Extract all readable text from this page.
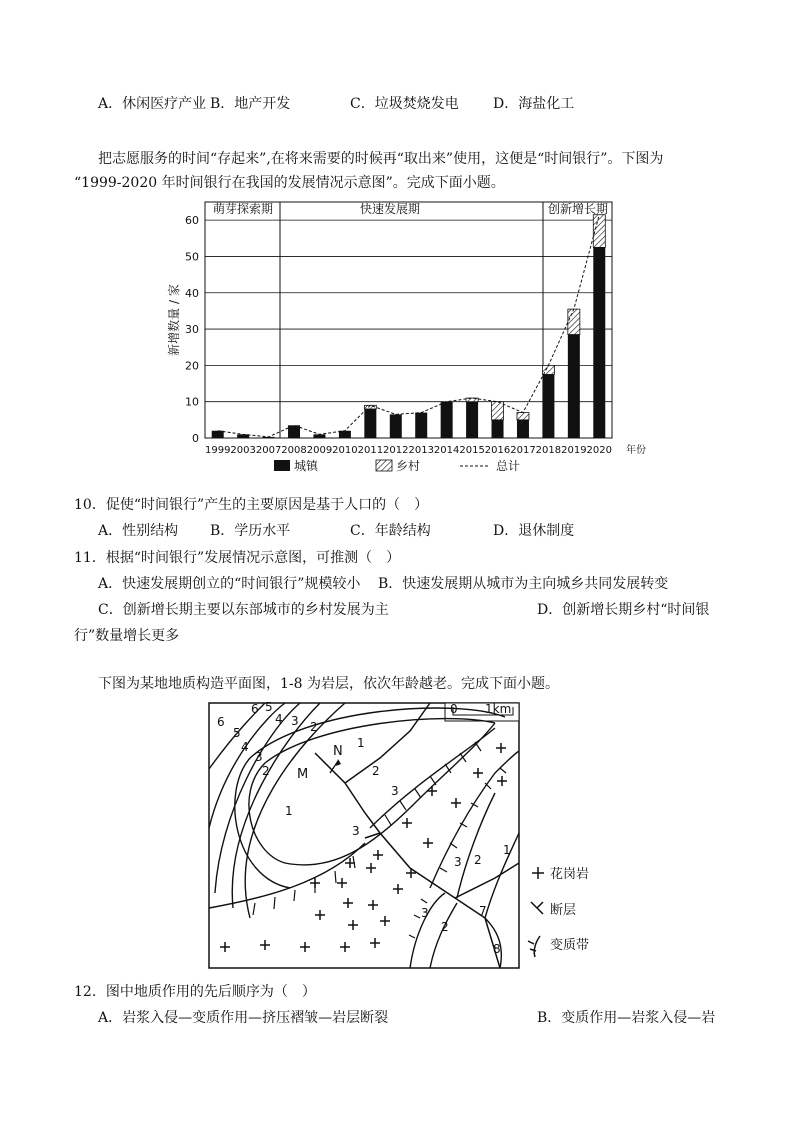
A．休闲医疗产业 B．地产开发	C．垃圾焚烧发电 D．海盐化工
把志愿服务的时间“存起来”,在将来需要的时候再“取出来”使用，这便是“时间银行”。下图为
“1999-2020 年时间银行在我国的发展情况示意图”。完成下面小题。
0
10
20
30
40
50
60
萌芽探索期	快速发展期	创新增长期
新增数量 / 家
1999 2003 2007 2008 2009 2010 2011 2012 2013 2014 2015 2016 2017 2018 2019 2020 年份
城镇	乡村	总计
10．促使“时间银行”产生的主要原因是基于人口的（　）
A．性别结构 B．学历水平	C．年龄结构	D．退休制度
11．根据“时间银行”发展情况示意图，可推测（　）
A．快速发展期创立的“时间银行”规模较小 B．快速发展期从城市为主向城乡共同发展转变
C．创新增长期主要以东部城市的乡村发展为主	D．创新增长期乡村“时间银
行”数量增长更多
下图为某地地质构造平面图，1-8 为岩层，依次年龄越老。完成下面小题。
0 1km
N
M
6 5
4 3 2
1
6
5
4
3
2
1
2
3
3
3 2
1
3
2
7
8
花岗岩
断层
变质带
12．图中地质作用的先后顺序为（　）
A．岩浆入侵—变质作用—挤压褶皱—岩层断裂	B．变质作用—岩浆入侵—岩
